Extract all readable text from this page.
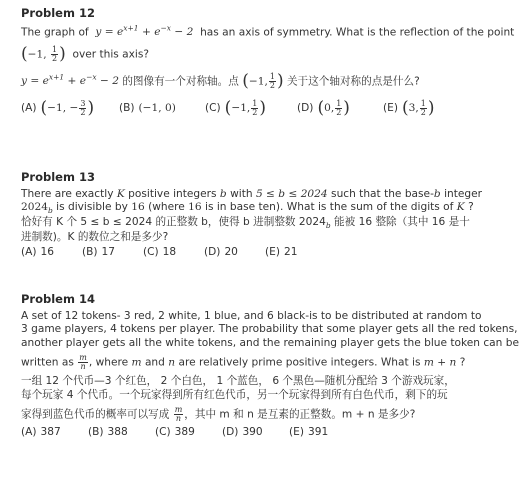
Problem 12

The graph of  $y = e^{x+1} + e^{-x} - 2$  has an axis of symmetry. What is the reflection of the point

(−1, $\frac{1}{2}$ ) over this axis?

$y = e^{x+1} + e^{-x} - 2$ 的图像有一个对称轴。点 (−1, $\frac{1}{2}$ ) 关于这个轴对称的点是什么?

(A) ( −1, − $\frac{3}{2}$ ) (B) (−1, 0)	(C) ( −1, $\frac{1}{2}$ )	(D) ( 0, $\frac{1}{2}$ )	(E) ( 3, $\frac{1}{2}$ )

Problem 13

There are exactly K positive integers b with 5 ≤ b ≤ 2024 such that the base-b integer

$2024_b$ is divisible by 16 (where 16 is in base ten). What is the sum of the digits of K ?

恰好有 K 个 5 ≤ b ≤ 2024 的正整数 b，使得 b 进制整数 $2024_b$ 能被 16 整除（其中 16 是十

进制数)。K 的数位之和是多少?

(A) 16	(B) 17	(C) 18	(D) 20	(E) 21

Problem 14

A set of 12 tokens- 3 red, 2 white, 1 blue, and 6 black-is to be distributed at random to

3 game players, 4 tokens per player. The probability that some player gets all the red tokens,

another player gets all the white tokens, and the remaining player gets the blue token can be

written as $\frac{m}{n}$ , where m and n are relatively prime positive integers. What is m + n ?

一组 12 个代币—3 个红色， 2 个白色， 1 个蓝色， 6 个黑色—随机分配给 3 个游戏玩家，

每个玩家 4 个代币。一个玩家得到所有红色代币，另一个玩家得到所有白色代币，剩下的玩

家得到蓝色代币的概率可以写成 $\frac{m}{n}$ ，其中 m 和 n 是互素的正整数。m + n 是多少?

(A) 387	(B) 388	(C) 389	(D) 390 (E) 391
